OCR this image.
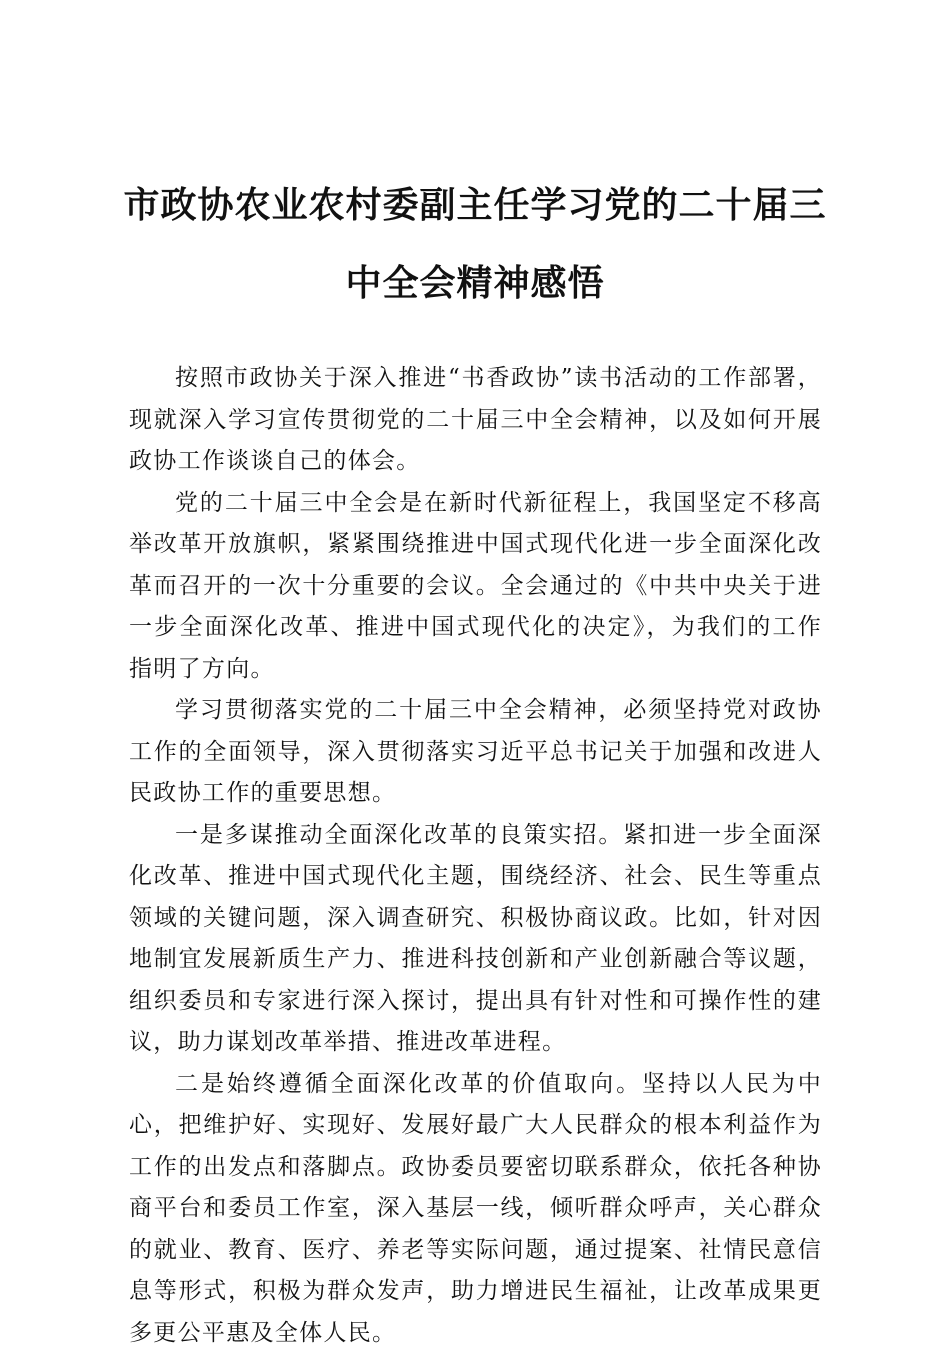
市政协农业农村委副主任学习党的二十届三中全会精神感悟

按照市政协关于深入推进“书香政协”读书活动的工作部署，现就深入学习宣传贯彻党的二十届三中全会精神，以及如何开展政协工作谈谈自己的体会。

党的二十届三中全会是在新时代新征程上，我国坚定不移高举改革开放旗帜，紧紧围绕推进中国式现代化进一步全面深化改革而召开的一次十分重要的会议。全会通过的《中共中央关于进一步全面深化改革、推进中国式现代化的决定》，为我们的工作指明了方向。

学习贯彻落实党的二十届三中全会精神，必须坚持党对政协工作的全面领导，深入贯彻落实习近平总书记关于加强和改进人民政协工作的重要思想。

一是多谋推动全面深化改革的良策实招。紧扣进一步全面深化改革、推进中国式现代化主题，围绕经济、社会、民生等重点领域的关键问题，深入调查研究、积极协商议政。比如，针对因地制宜发展新质生产力、推进科技创新和产业创新融合等议题，组织委员和专家进行深入探讨，提出具有针对性和可操作性的建议，助力谋划改革举措、推进改革进程。

二是始终遵循全面深化改革的价值取向。坚持以人民为中心，把维护好、实现好、发展好最广大人民群众的根本利益作为工作的出发点和落脚点。政协委员要密切联系群众，依托各种协商平台和委员工作室，深入基层一线，倾听群众呼声，关心群众的就业、教育、医疗、养老等实际问题，通过提案、社情民意信息等形式，积极为群众发声，助力增进民生福祉，让改革成果更多更公平惠及全体人民。
